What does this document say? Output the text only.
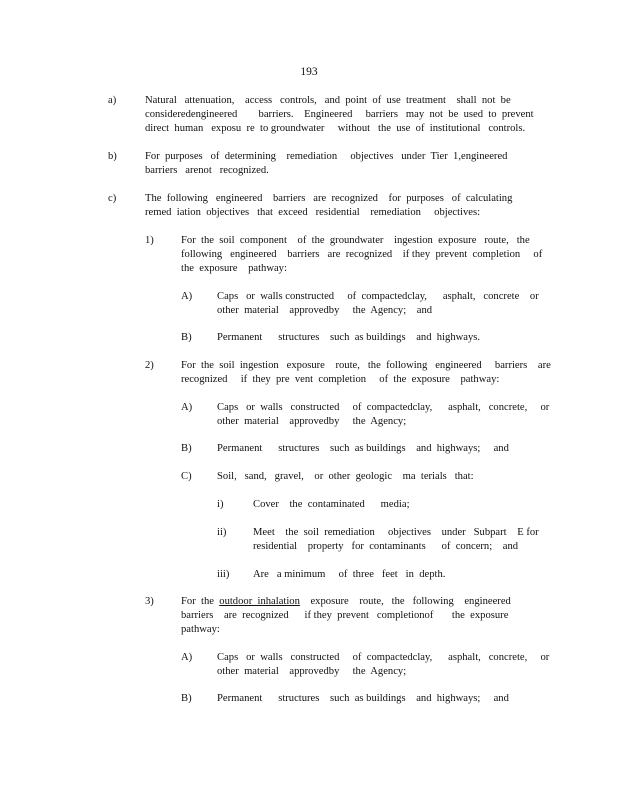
193
a)	Natural   attenuation,    access   controls,   and  point  of  use  treatment    shall  not  be
consideredengineered        barriers.    Engineered     barriers   may  not  be  used  to  prevent
direct  human   exposu  re  to groundwater     without   the  use  of  institutional   controls.
b)	For  purposes   of  determining    remediation     objectives   under  Tier  1,engineered
barriers   arenot   recognized.
c)	The  following   engineered    barriers   are  recognized    for  purposes   of  calculating
remed  iation  objectives   that  exceed   residential    remediation     objectives:
1)	For  the  soil  component    of  the  groundwater    ingestion  exposure   route,   the
following   engineered    barriers   are  recognized    if they  prevent  completion     of
the  exposure    pathway:
A) Caps   or  walls constructed     of  compactedclay,      asphalt,   concrete    or
other  material    approvedby     the  Agency;    and
B) Permanent      structures    such  as buildings    and  highways.
2)	For  the  soil  ingestion   exposure    route,   the  following   engineered     barriers    are
recognized     if  they  pre  vent  completion     of  the  exposure    pathway:
A) Caps   or  walls   constructed     of  compactedclay,      asphalt,   concrete,     or
other  material    approvedby     the  Agency;
B) Permanent      structures    such  as buildings    and  highways;     and
C) Soil,   sand,   gravel,    or  other  geologic    ma  terials   that:
i)	Cover    the  contaminated      media;
ii)	Meet    the  soil  remediation     objectives    under   Subpart    E for
residential    property   for  contaminants      of  concern;    and
iii) Are   a minimum     of  three   feet   in  depth.
3)	For  the  outdoor  inhalation    exposure    route,   the   following    engineered
barriers    are  recognized      if they  prevent   completionof       the  exposure
pathway:
A) Caps   or  walls   constructed     of  compactedclay,      asphalt,   concrete,     or
other  material    approvedby     the  Agency;
B) Permanent      structures    such  as buildings    and  highways;     and
